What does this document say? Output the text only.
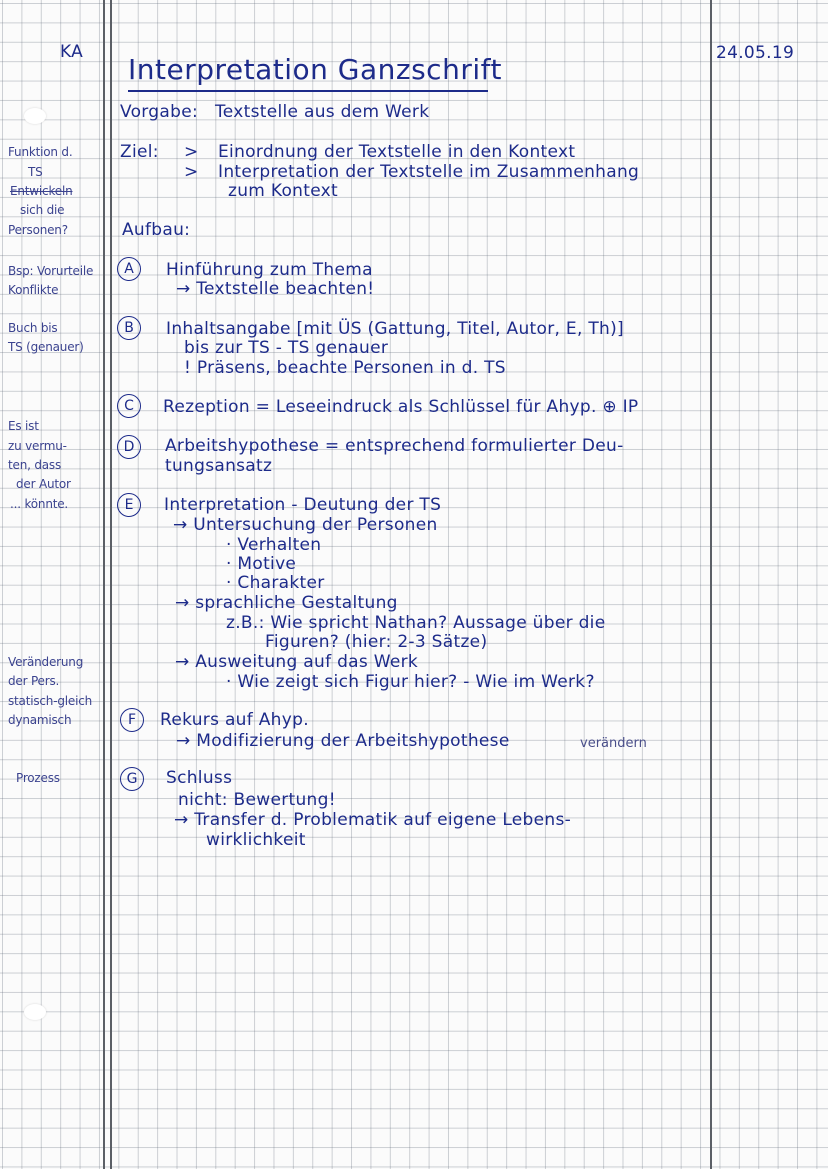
KA	24.05.19
Interpretation Ganzschrift
Vorgabe: Textstelle aus dem Werk
Ziel: > Einordnung der Textstelle in den Kontext
> Interpretation der Textstelle im Zusammenhang
zum Kontext
Aufbau:
A	Hinführung zum Thema
→ Textstelle beachten!
B	Inhaltsangabe [mit ÜS (Gattung, Titel, Autor, E, Th)]
bis zur TS - TS genauer
! Präsens, beachte Personen in d. TS
C	Rezeption = Leseeindruck als Schlüssel für Ahyp. ⊕ IP
D	Arbeitshypothese = entsprechend formulierter Deu-
tungsansatz
E	Interpretation - Deutung der TS
→ Untersuchung der Personen
· Verhalten
· Motive
· Charakter
→ sprachliche Gestaltung
z.B.: Wie spricht Nathan? Aussage über die
Figuren? (hier: 2-3 Sätze)
→ Ausweitung auf das Werk
· Wie zeigt sich Figur hier? - Wie im Werk?
F	Rekurs auf Ahyp.
→ Modifizierung der Arbeitshypothese	verändern
G	Schluss
nicht: Bewertung!
→ Transfer d. Problematik auf eigene Lebens-
wirklichkeit
Funktion d.
TS
Entwickeln
sich die
Personen?
Bsp: Vorurteile
Konflikte
Buch bis
TS (genauer)
Es ist
zu vermu-
ten, dass
der Autor
... könnte.
Veränderung
der Pers.
statisch-gleich
dynamisch
Prozess
